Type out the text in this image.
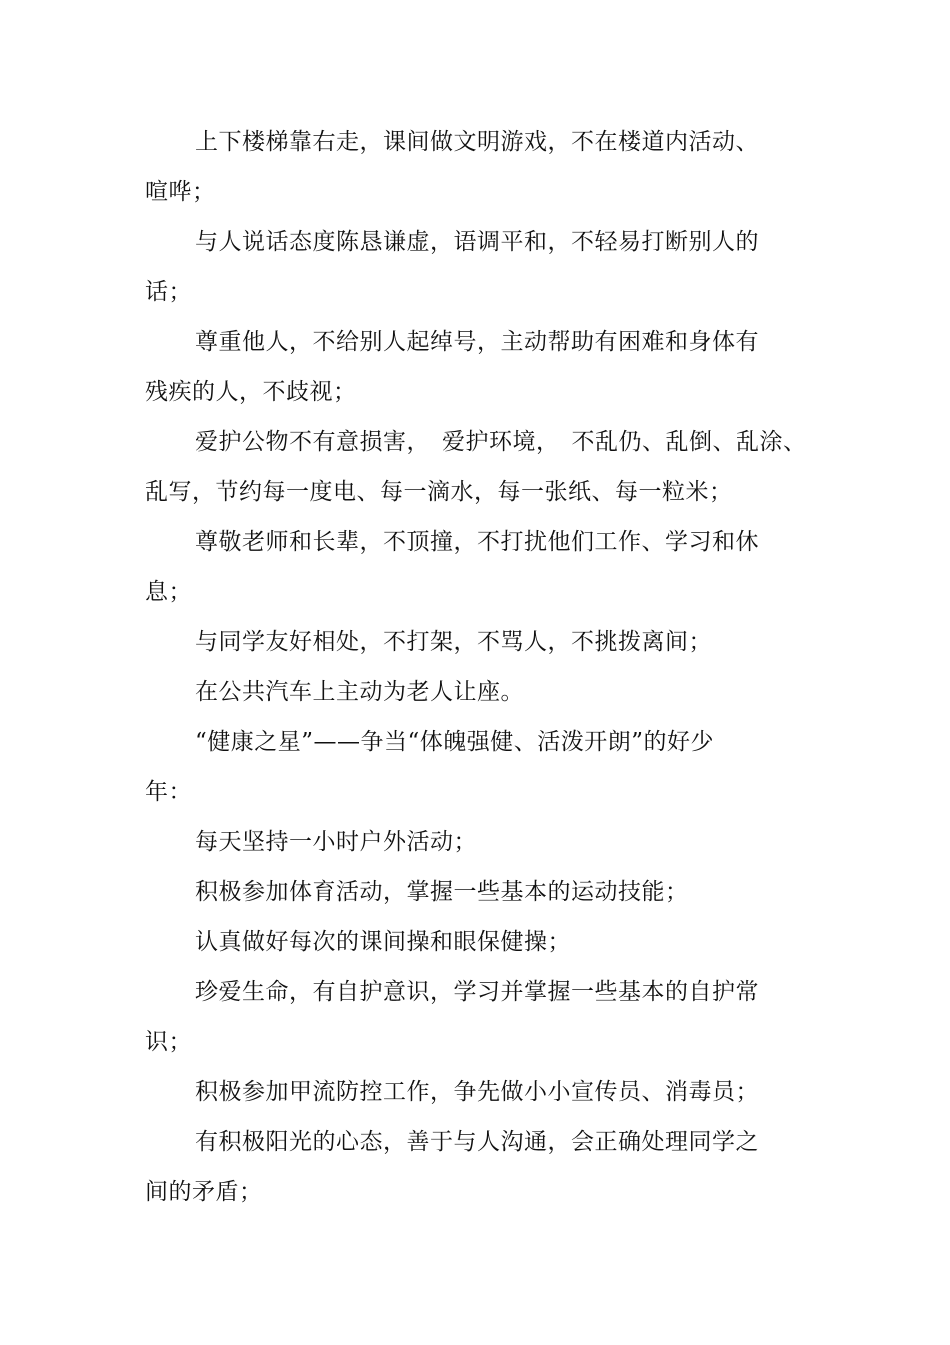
上下楼梯靠右走，课间做文明游戏，不在楼道内活动、
喧哗；
与人说话态度陈恳谦虚，语调平和，不轻易打断别人的
话；
尊重他人，不给别人起绰号，主动帮助有困难和身体有
残疾的人，不歧视；
爱护公物不有意损害，　爱护环境，　不乱仍、乱倒、乱涂、
乱写，节约每一度电、每一滴水，每一张纸、每一粒米；
尊敬老师和长辈，不顶撞，不打扰他们工作、学习和休
息；
与同学友好相处，不打架，不骂人，不挑拨离间；
在公共汽车上主动为老人让座。
“健康之星”——争当“体魄强健、活泼开朗”的好少
年：
每天坚持一小时户外活动；
积极参加体育活动，掌握一些基本的运动技能；
认真做好每次的课间操和眼保健操；
珍爱生命，有自护意识，学习并掌握一些基本的自护常
识；
积极参加甲流防控工作，争先做小小宣传员、消毒员；
有积极阳光的心态，善于与人沟通，会正确处理同学之
间的矛盾；
